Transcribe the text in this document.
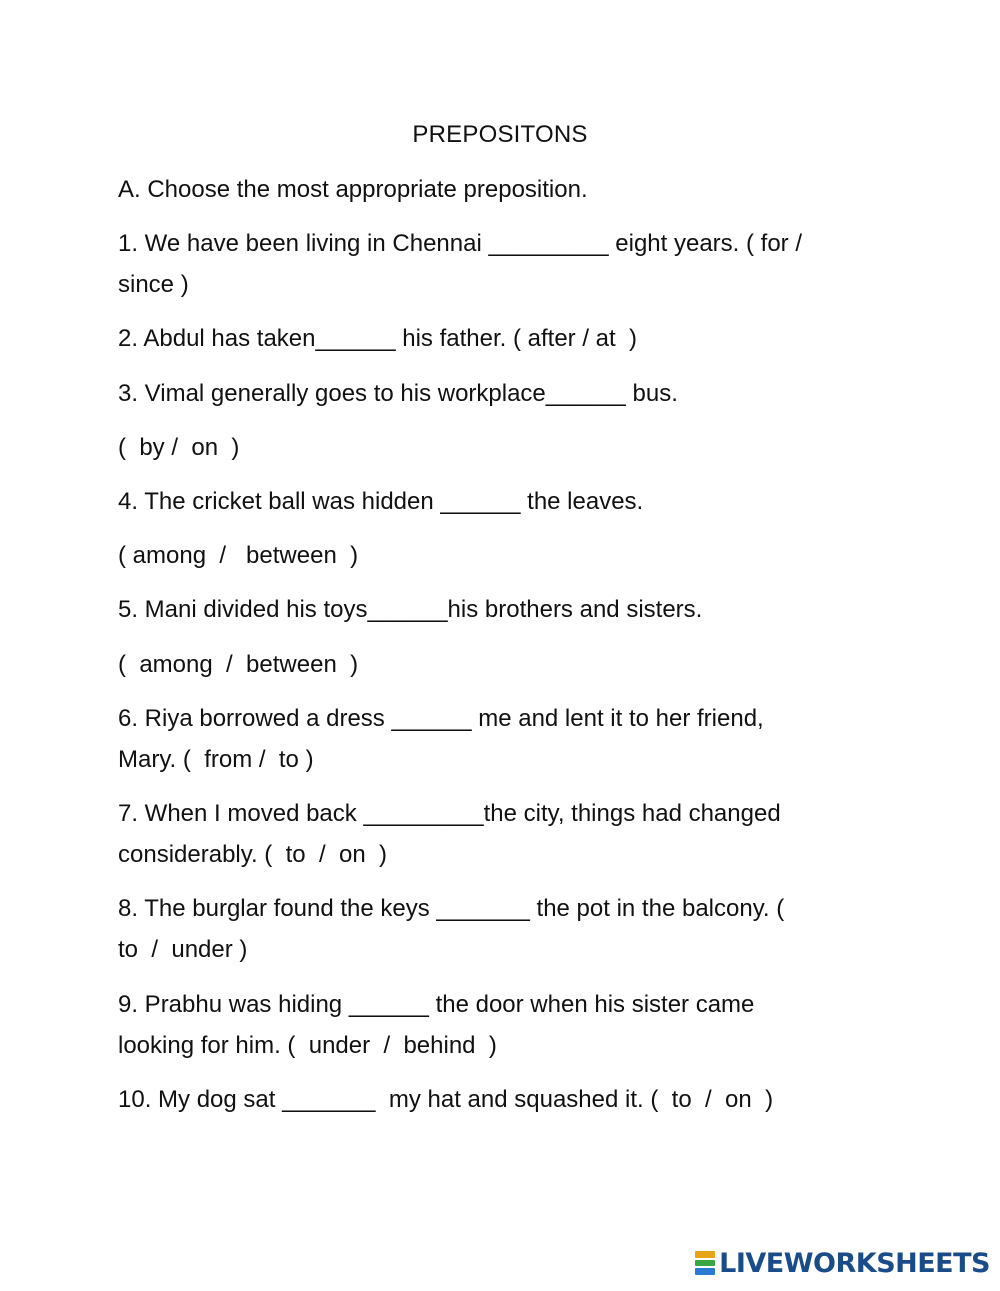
PREPOSITONS
A. Choose the most appropriate preposition.
1. We have been living in Chennai _________ eight years. ( for /
since )
2. Abdul has taken______ his father. ( after / at  )
3. Vimal generally goes to his workplace______ bus.
(  by /  on  )
4. The cricket ball was hidden ______ the leaves.
( among  /   between  )
5. Mani divided his toys______his brothers and sisters.
(  among  /  between  )
6. Riya borrowed a dress ______ me and lent it to her friend,
Mary. (  from /  to )
7. When I moved back _________the city, things had changed
considerably. (  to  /  on  )
8. The burglar found the keys _______ the pot in the balcony. (
to  /  under )
9. Prabhu was hiding ______ the door when his sister came
looking for him. (  under  /  behind  )
10. My dog sat _______  my hat and squashed it. (  to  /  on  )
LIVEWORKSHEETS
